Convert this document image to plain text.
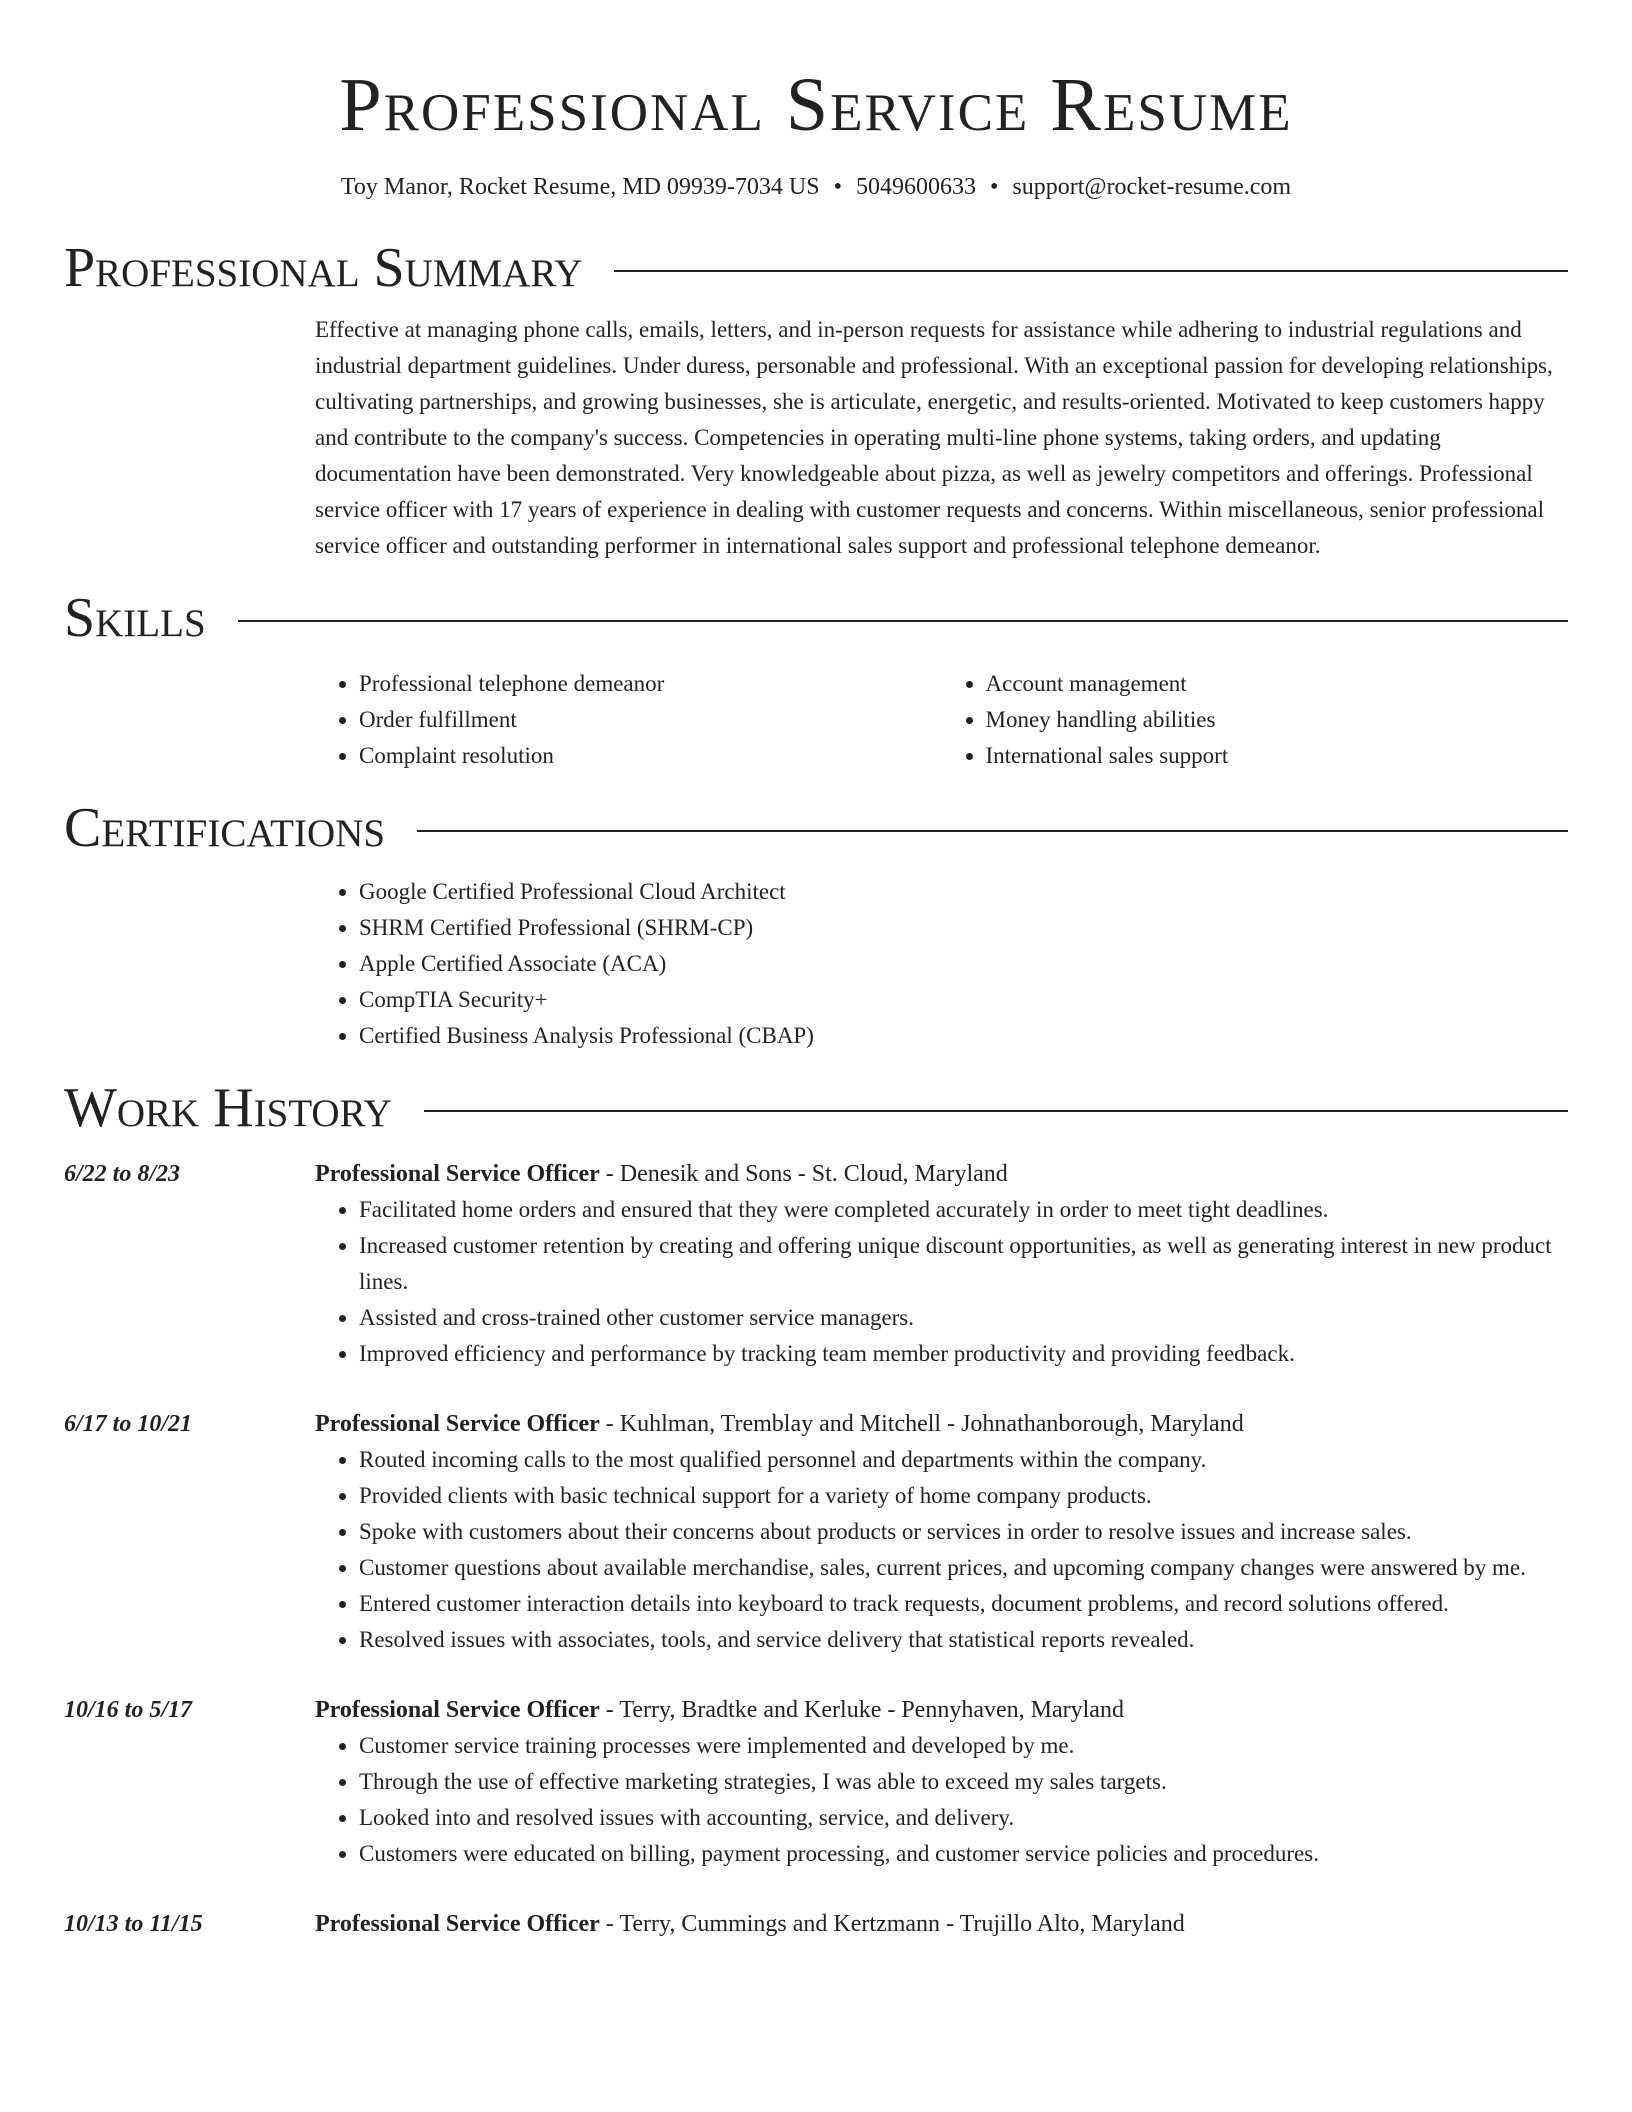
Professional Service Resume
Toy Manor, Rocket Resume, MD 09939-7034 US • 5049600633 • support@rocket-resume.com
Professional Summary
Effective at managing phone calls, emails, letters, and in-person requests for assistance while adhering to industrial regulations and industrial department guidelines. Under duress, personable and professional. With an exceptional passion for developing relationships, cultivating partnerships, and growing businesses, she is articulate, energetic, and results-oriented. Motivated to keep customers happy and contribute to the company's success. Competencies in operating multi-line phone systems, taking orders, and updating documentation have been demonstrated. Very knowledgeable about pizza, as well as jewelry competitors and offerings. Professional service officer with 17 years of experience in dealing with customer requests and concerns. Within miscellaneous, senior professional service officer and outstanding performer in international sales support and professional telephone demeanor.
Skills
• Professional telephone demeanor
• Order fulfillment
• Complaint resolution
• Account management
• Money handling abilities
• International sales support
Certifications
• Google Certified Professional Cloud Architect
• SHRM Certified Professional (SHRM-CP)
• Apple Certified Associate (ACA)
• CompTIA Security+
• Certified Business Analysis Professional (CBAP)
Work History
6/22 to 8/23	Professional Service Officer - Denesik and Sons - St. Cloud, Maryland
• Facilitated home orders and ensured that they were completed accurately in order to meet tight deadlines.
• Increased customer retention by creating and offering unique discount opportunities, as well as generating interest in new product lines.
• Assisted and cross-trained other customer service managers.
• Improved efficiency and performance by tracking team member productivity and providing feedback.
6/17 to 10/21	Professional Service Officer - Kuhlman, Tremblay and Mitchell - Johnathanborough, Maryland
• Routed incoming calls to the most qualified personnel and departments within the company.
• Provided clients with basic technical support for a variety of home company products.
• Spoke with customers about their concerns about products or services in order to resolve issues and increase sales.
• Customer questions about available merchandise, sales, current prices, and upcoming company changes were answered by me.
• Entered customer interaction details into keyboard to track requests, document problems, and record solutions offered.
• Resolved issues with associates, tools, and service delivery that statistical reports revealed.
10/16 to 5/17	Professional Service Officer - Terry, Bradtke and Kerluke - Pennyhaven, Maryland
• Customer service training processes were implemented and developed by me.
• Through the use of effective marketing strategies, I was able to exceed my sales targets.
• Looked into and resolved issues with accounting, service, and delivery.
• Customers were educated on billing, payment processing, and customer service policies and procedures.
10/13 to 11/15	Professional Service Officer - Terry, Cummings and Kertzmann - Trujillo Alto, Maryland
